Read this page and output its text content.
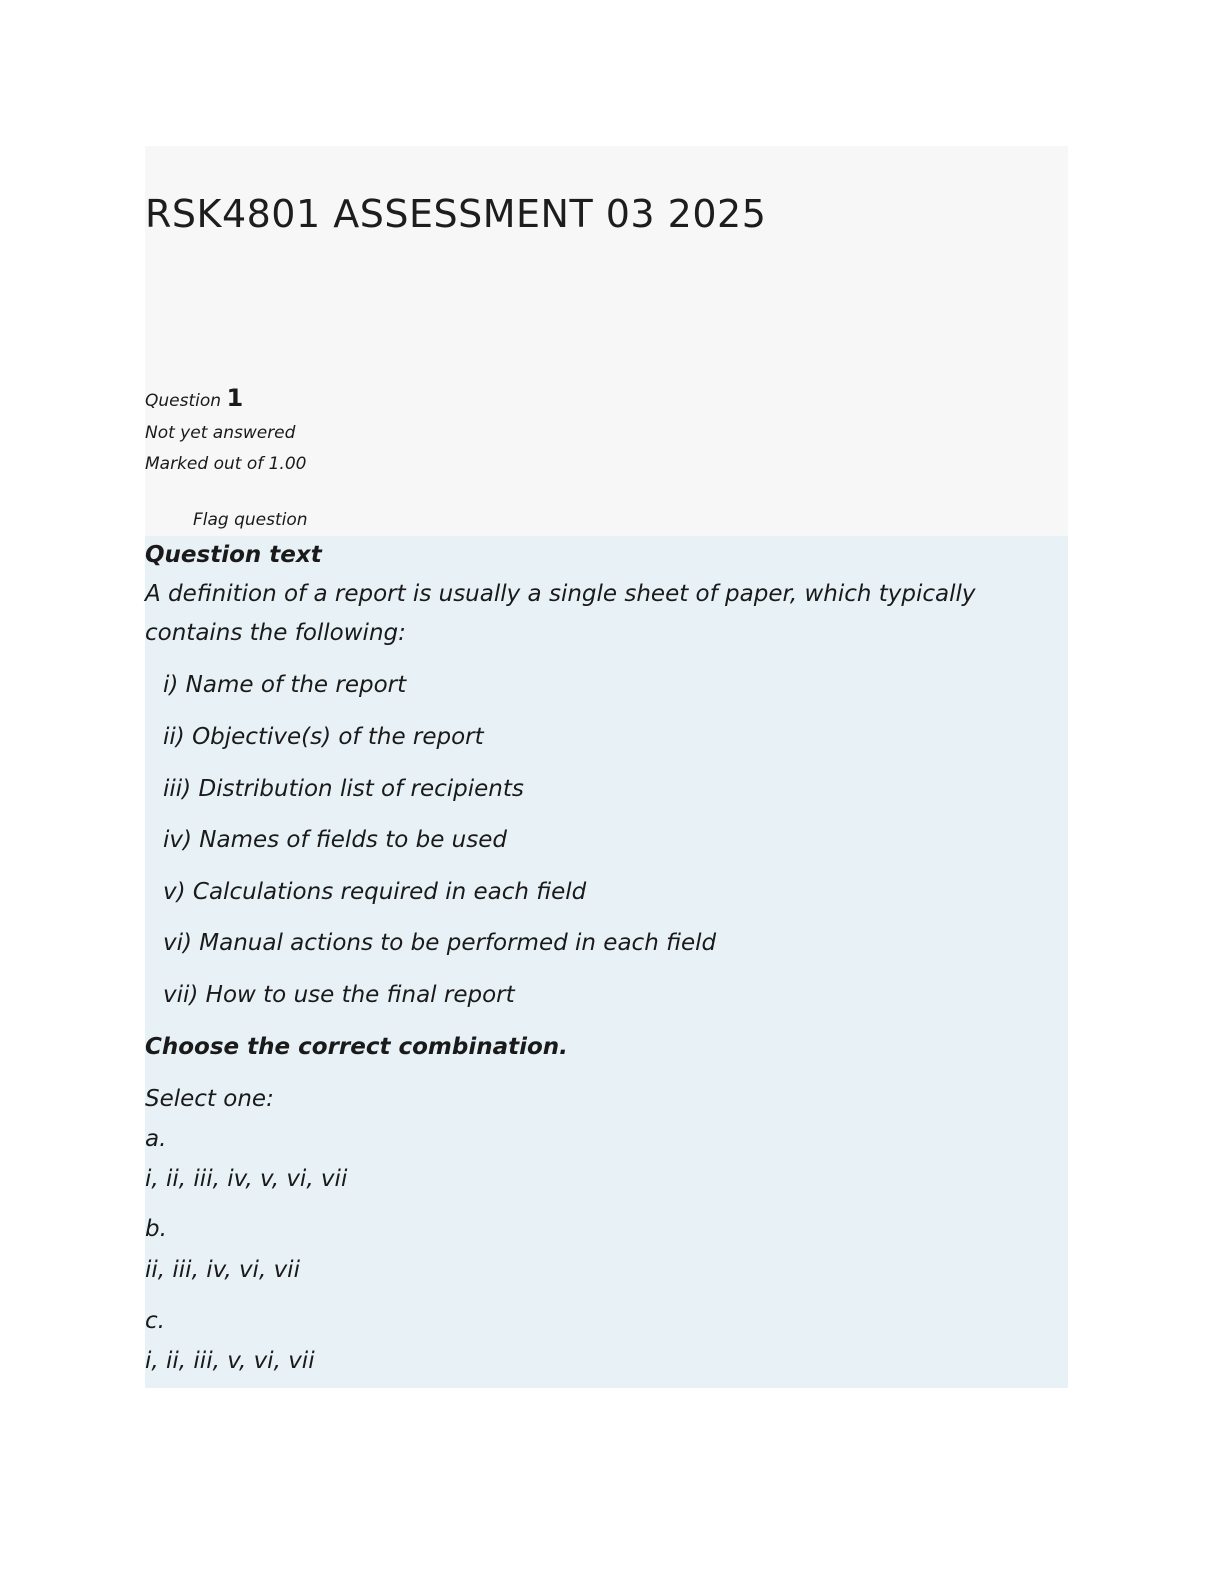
RSK4801 ASSESSMENT 03 2025
Question 1
Not yet answered
Marked out of 1.00
Flag question
Question text
A definition of a report is usually a single sheet of paper, which typically
contains the following:
i) Name of the report
ii) Objective(s) of the report
iii) Distribution list of recipients
iv) Names of fields to be used
v) Calculations required in each field
vi) Manual actions to be performed in each field
vii) How to use the final report
Choose the correct combination.
Select one:
a.
i, ii, iii, iv, v, vi, vii
b.
ii, iii, iv, vi, vii
c.
i, ii, iii, v, vi, vii
